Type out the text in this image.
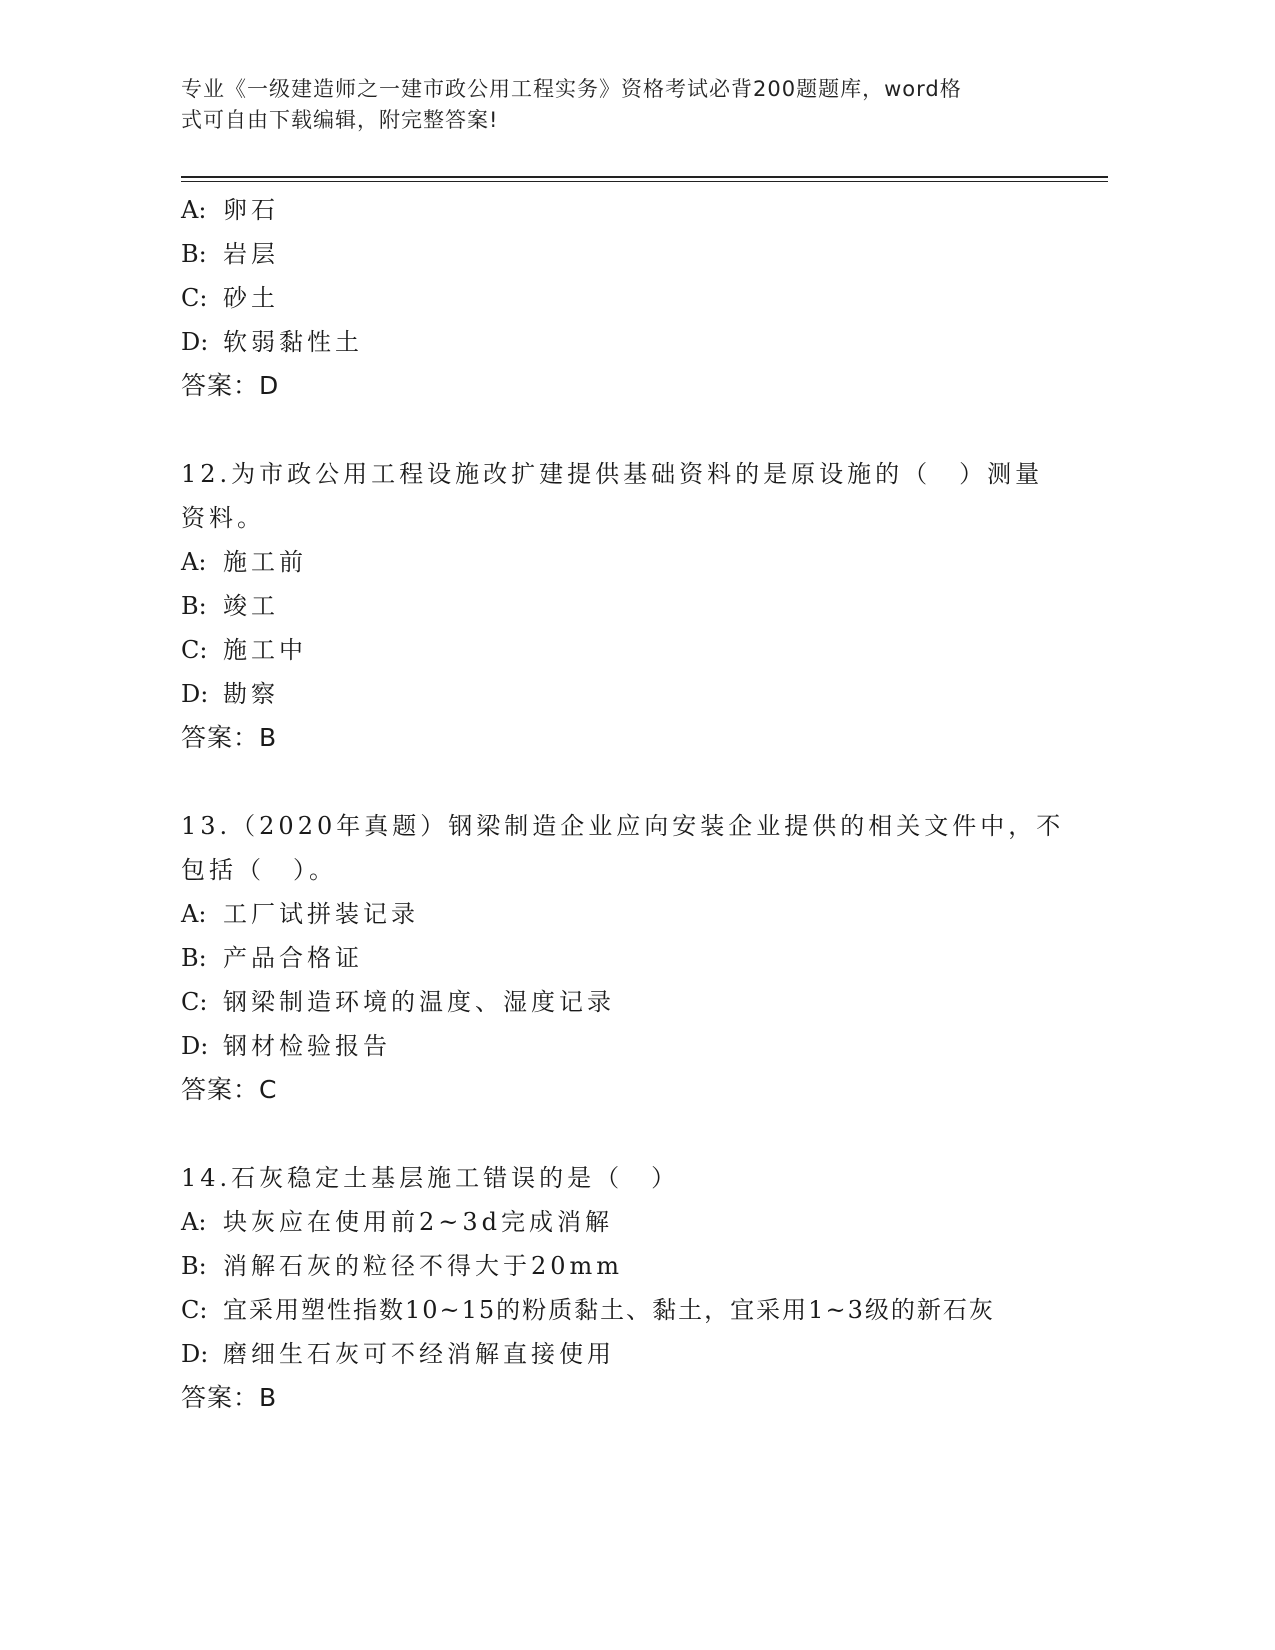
专业《一级建造师之一建市政公用工程实务》资格考试必背200题题库，word格
式可自由下载编辑，附完整答案!
A: 卵石
B: 岩层
C: 砂土
D: 软弱黏性土
答案：D
12.为市政公用工程设施改扩建提供基础资料的是原设施的（　）测量
资料。
A: 施工前
B: 竣工
C: 施工中
D: 勘察
答案：B
13.（2020年真题）钢梁制造企业应向安装企业提供的相关文件中，不
包括（　）。
A: 工厂试拼装记录
B: 产品合格证
C: 钢梁制造环境的温度、湿度记录
D: 钢材检验报告
答案：C
14.石灰稳定土基层施工错误的是（　）
A: 块灰应在使用前2~3d完成消解
B: 消解石灰的粒径不得大于20mm
C: 宜采用塑性指数10~15的粉质黏土、黏土，宜采用1~3级的新石灰
D: 磨细生石灰可不经消解直接使用
答案：B
